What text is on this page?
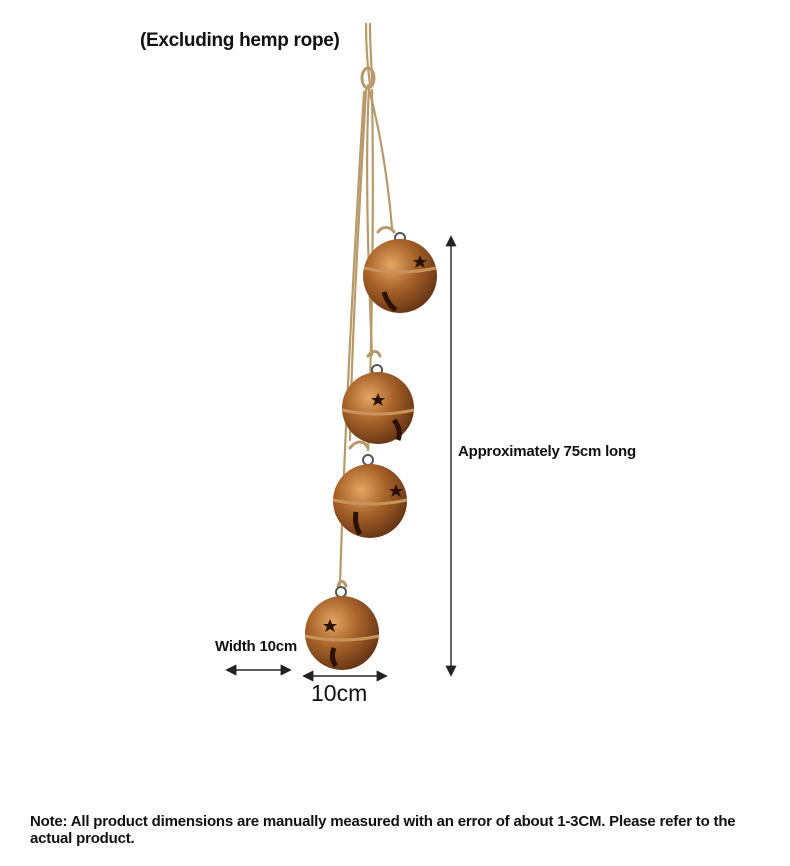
(Excluding hemp rope)
Approximately 75cm long
Width 10cm
10cm
Note: All product dimensions are manually measured with an error of about 1-3CM. Please refer to the actual product.
